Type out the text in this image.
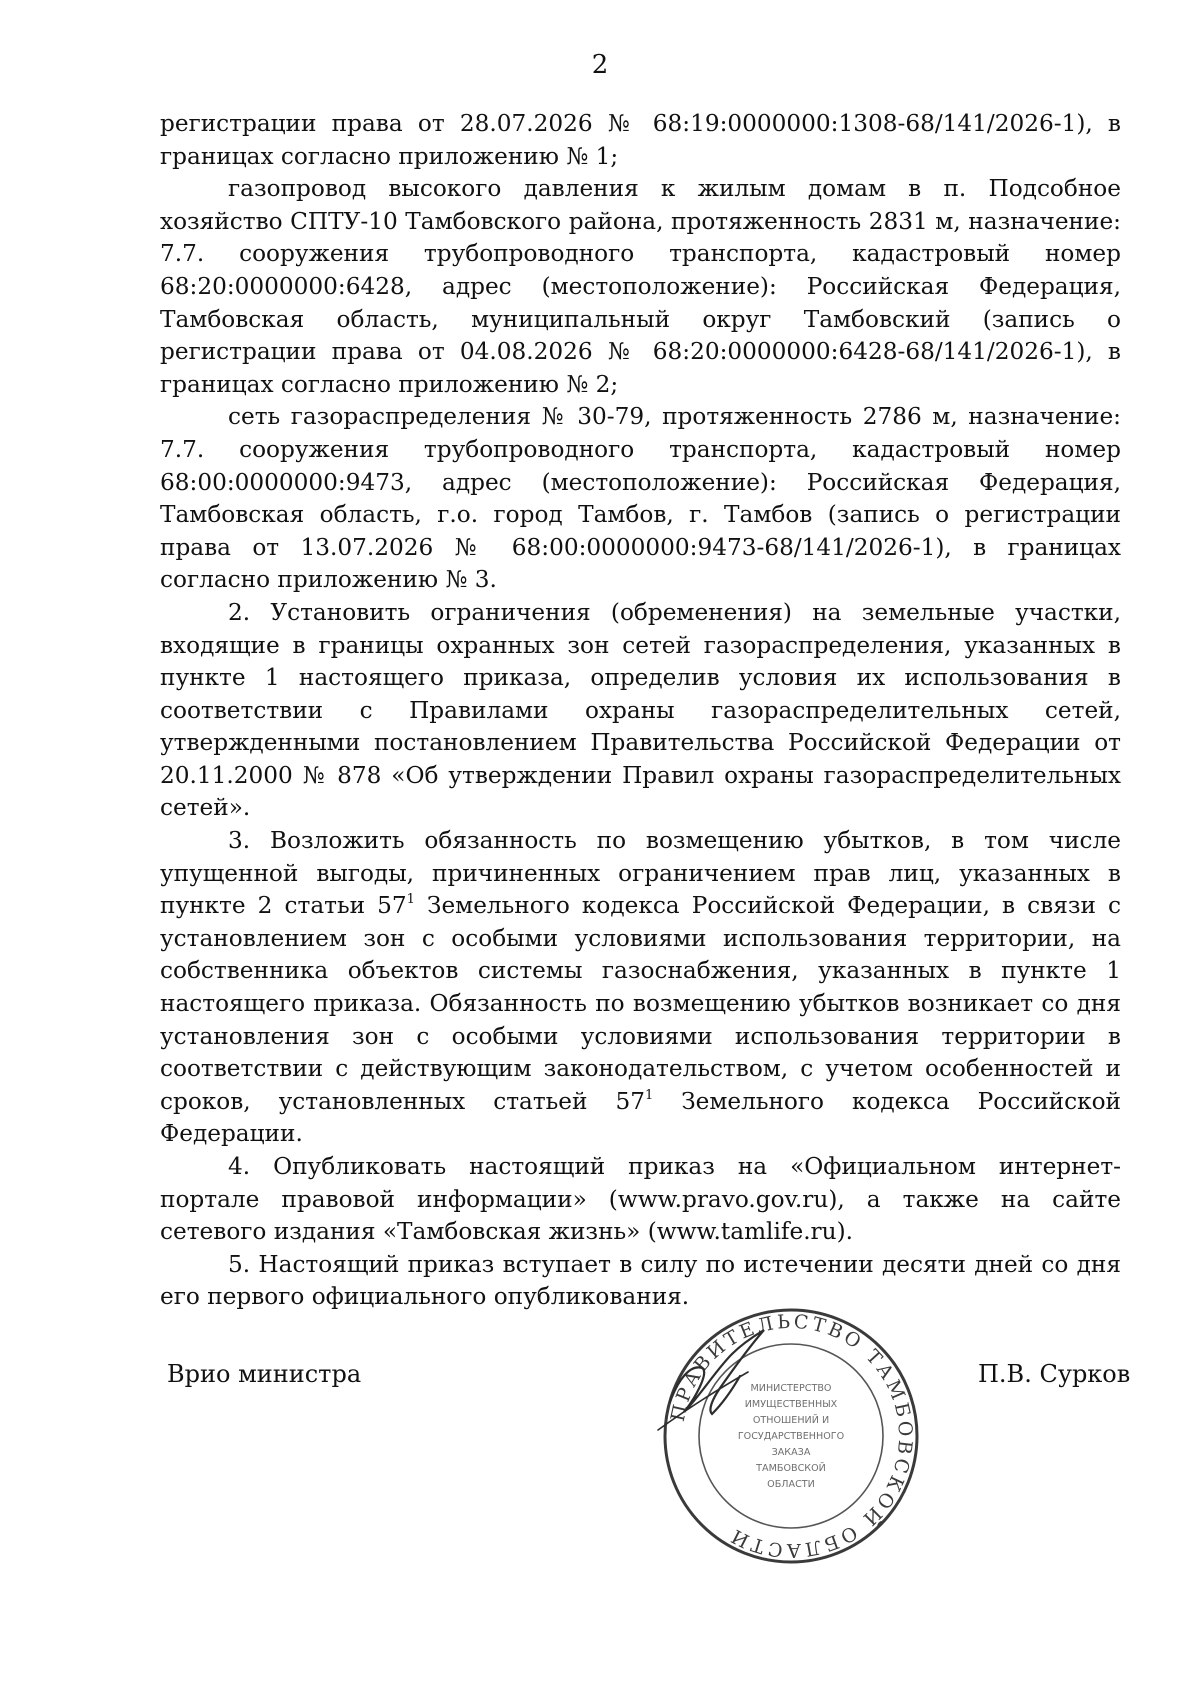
2

регистрации права от 28.07.2026 № 68:19:0000000:1308-68/141/2026-1), в границах согласно приложению № 1;

газопровод высокого давления к жилым домам в п. Подсобное хозяйство СПТУ-10 Тамбовского района, протяженность 2831 м, назначение: 7.7. сооружения трубопроводного транспорта, кадастровый номер 68:20:0000000:6428, адрес (местоположение): Российская Федерация, Тамбовская область, муниципальный округ Тамбовский (запись о регистрации права от 04.08.2026 № 68:20:0000000:6428-68/141/2026-1), в границах согласно приложению № 2;

сеть газораспределения № 30-79, протяженность 2786 м, назначение: 7.7. сооружения трубопроводного транспорта, кадастровый номер 68:00:0000000:9473, адрес (местоположение): Российская Федерация, Тамбовская область, г.о. город Тамбов, г. Тамбов (запись о регистрации права от 13.07.2026 № 68:00:0000000:9473-68/141/2026-1), в границах согласно приложению № 3.

2. Установить ограничения (обременения) на земельные участки, входящие в границы охранных зон сетей газораспределения, указанных в пункте 1 настоящего приказа, определив условия их использования в соответствии с Правилами охраны газораспределительных сетей, утвержденными постановлением Правительства Российской Федерации от 20.11.2000 № 878 «Об утверждении Правил охраны газораспределительных сетей».

3. Возложить обязанность по возмещению убытков, в том числе упущенной выгоды, причиненных ограничением прав лиц, указанных в пункте 2 статьи $57^1$ Земельного кодекса Российской Федерации, в связи с установлением зон с особыми условиями использования территории, на собственника объектов системы газоснабжения, указанных в пункте 1 настоящего приказа. Обязанность по возмещению убытков возникает со дня установления зон с особыми условиями использования территории в соответствии с действующим законодательством, с учетом особенностей и сроков, установленных статьей $57^1$ Земельного кодекса Российской Федерации.

4. Опубликовать настоящий приказ на «Официальном интернет-портале правовой информации» (www.pravo.gov.ru), а также на сайте сетевого издания «Тамбовская жизнь» (www.tamlife.ru).

5. Настоящий приказ вступает в силу по истечении десяти дней со дня его первого официального опубликования.

Врио министра	П.В. Сурков
МИНИСТЕРСТВО
ИМУЩЕСТВЕННЫХ
ОТНОШЕНИЙ И
ГОСУДАРСТВЕННОГО
ЗАКАЗА
ТАМБОВСКОЙ
ОБЛАСТИ
ПРАВИТЕЛЬСТВО ТАМБОВСКОЙ ОБЛАСТИ
